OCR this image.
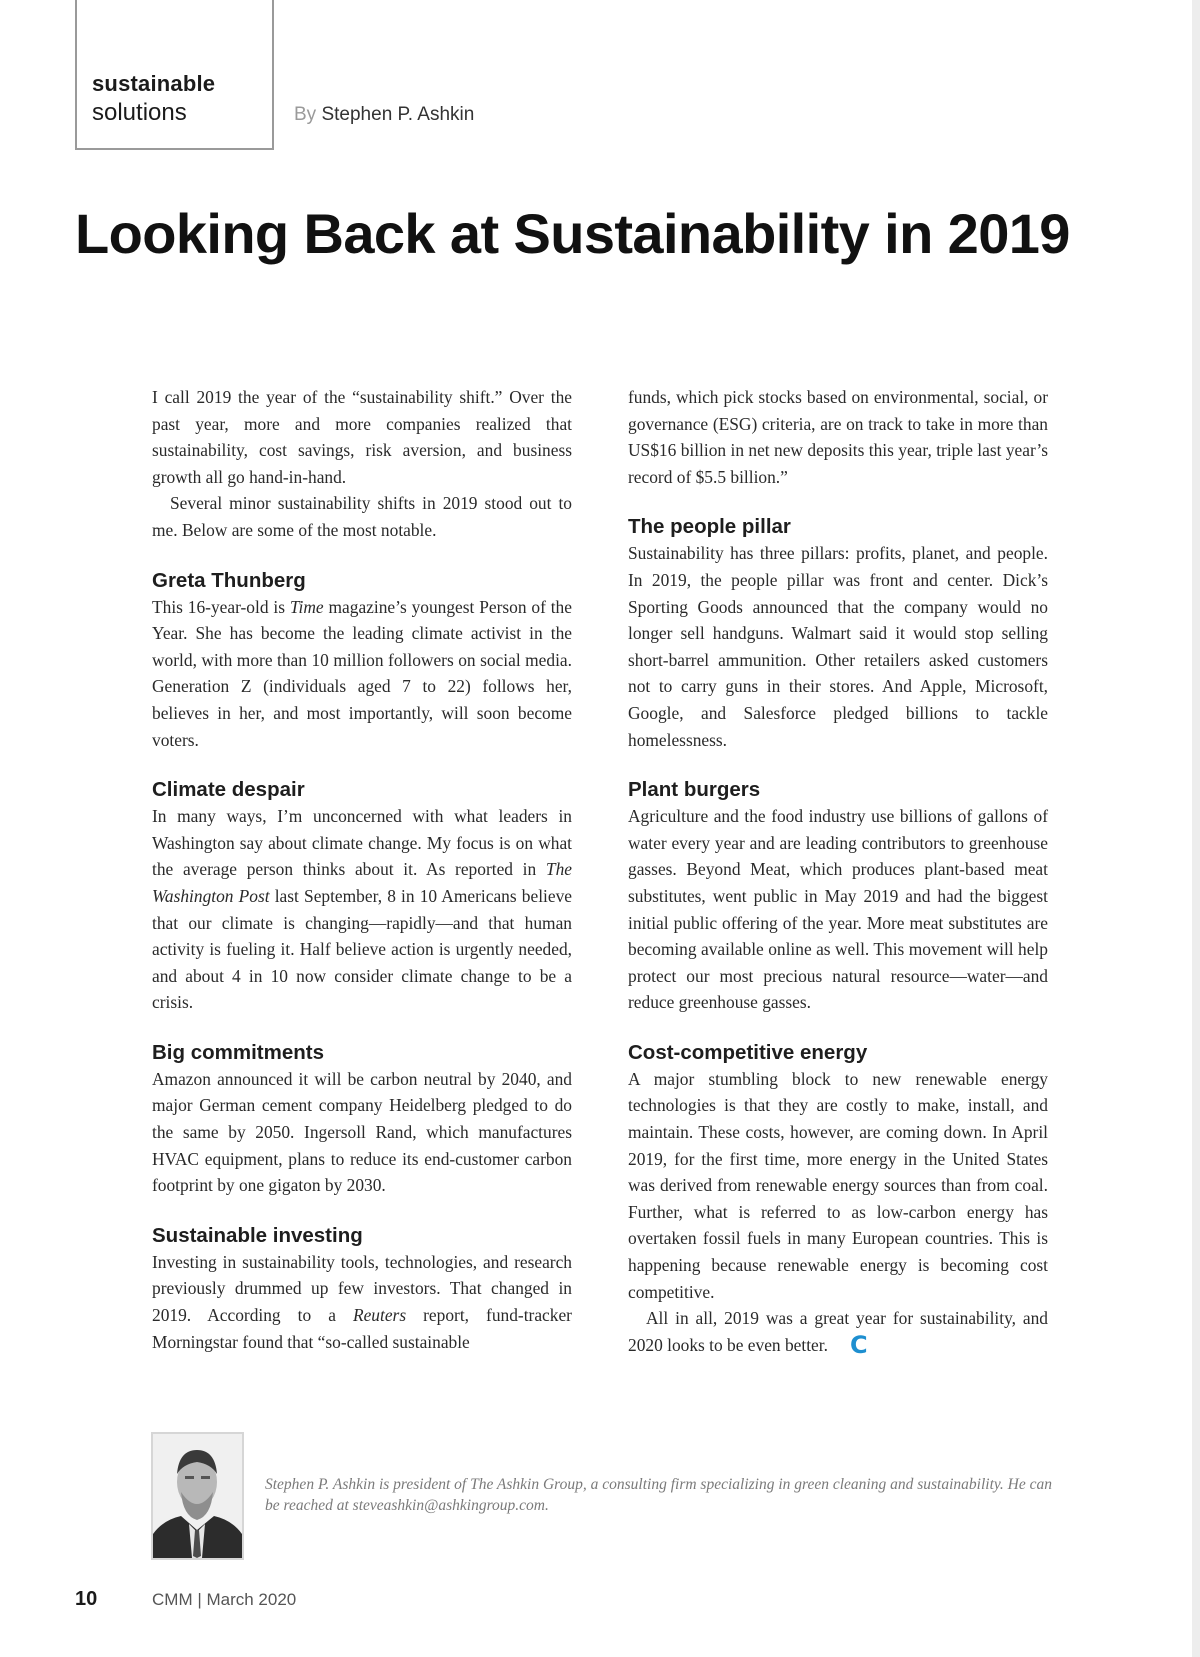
sustainable
solutions	By Stephen P. Ashkin
Looking Back at Sustainability in 2019

I call 2019 the year of the “sustainability shift.” Over the past year, more and more companies realized that sustainability, cost savings, risk aversion, and business growth all go hand-in-hand.

Several minor sustainability shifts in 2019 stood out to me. Below are some of the most notable.

Greta Thunberg

This 16-year-old is Time magazine’s youngest Person of the Year. She has become the leading climate activist in the world, with more than 10 million followers on social media. Generation Z (individuals aged 7 to 22) follows her, believes in her, and most importantly, will soon become voters.

Climate despair

In many ways, I’m unconcerned with what leaders in Washington say about climate change. My focus is on what the average person thinks about it. As reported in The Washington Post last September, 8 in 10 Americans believe that our climate is changing—rapidly—and that human activity is fueling it. Half believe action is urgently needed, and about 4 in 10 now consider climate change to be a crisis.

Big commitments

Amazon announced it will be carbon neutral by 2040, and major German cement company Heidelberg pledged to do the same by 2050. Ingersoll Rand, which manufactures HVAC equipment, plans to reduce its end-customer carbon footprint by one gigaton by 2030.

Sustainable investing

Investing in sustainability tools, technologies, and research previously drummed up few investors. That changed in 2019. According to a Reuters report, fund-tracker Morningstar found that “so-called sustainable

funds, which pick stocks based on environmental, social, or governance (ESG) criteria, are on track to take in more than US$16 billion in net new deposits this year, triple last year’s record of $5.5 billion.”

The people pillar

Sustainability has three pillars: profits, planet, and people. In 2019, the people pillar was front and center. Dick’s Sporting Goods announced that the company would no longer sell handguns. Walmart said it would stop selling short-barrel ammunition. Other retailers asked customers not to carry guns in their stores. And Apple, Microsoft, Google, and Salesforce pledged billions to tackle homelessness.

Plant burgers

Agriculture and the food industry use billions of gallons of water every year and are leading contributors to greenhouse gasses. Beyond Meat, which produces plant-based meat substitutes, went public in May 2019 and had the biggest initial public offering of the year. More meat substitutes are becoming available online as well. This movement will help protect our most precious natural resource—water—and reduce greenhouse gasses.

Cost-competitive energy

A major stumbling block to new renewable energy technologies is that they are costly to make, install, and maintain. These costs, however, are coming down. In April 2019, for the first time, more energy in the United States was derived from renewable energy sources than from coal. Further, what is referred to as low-carbon energy has overtaken fossil fuels in many European countries. This is happening because renewable energy is becoming cost competitive.

All in all, 2019 was a great year for sustainability, and 2020 looks to be even better. C

Stephen P. Ashkin is president of The Ashkin Group, a consulting firm specializing in green cleaning and sustainability. He can be reached at steveashkin@ashkingroup.com.
10	CMM | March 2020
